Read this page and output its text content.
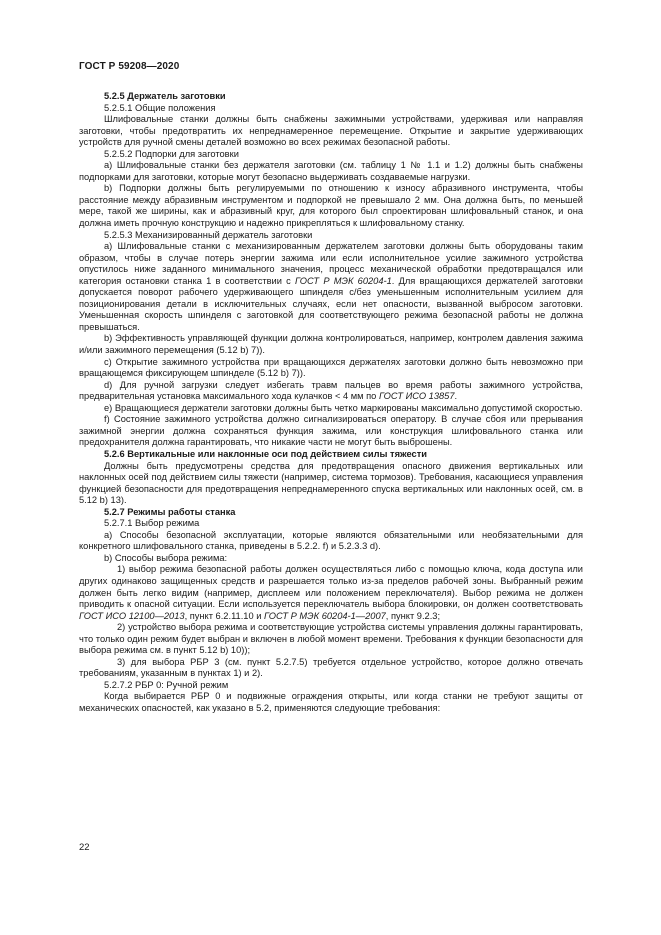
ГОСТ Р 59208—2020

5.2.5 Держатель заготовки

5.2.5.1 Общие положения

Шлифовальные станки должны быть снабжены зажимными устройствами, удерживая или направляя заготовки, чтобы предотвратить их непреднамеренное перемещение. Открытие и закрытие удерживающих устройств для ручной смены деталей возможно во всех режимах безопасной работы.

5.2.5.2 Подпорки для заготовки

a) Шлифовальные станки без держателя заготовки (см. таблицу 1 № 1.1 и 1.2) должны быть снабжены подпорками для заготовки, которые могут безопасно выдерживать создаваемые нагрузки.

b) Подпорки должны быть регулируемыми по отношению к износу абразивного инструмента, чтобы расстояние между абразивным инструментом и подпоркой не превышало 2 мм. Она должна быть, по меньшей мере, такой же ширины, как и абразивный круг, для которого был спроектирован шлифовальный станок, и она должна иметь прочную конструкцию и надежно прикрепляться к шлифовальному станку.

5.2.5.3 Механизированный держатель заготовки

a) Шлифовальные станки с механизированным держателем заготовки должны быть оборудованы таким образом, чтобы в случае потерь энергии зажима или если исполнительное усилие зажимного устройства опустилось ниже заданного минимального значения, процесс механической обработки предотвращался или категория остановки станка 1 в соответствии с ГОСТ Р МЭК 60204-1. Для вращающихся держателей заготовки допускается поворот рабочего удерживающего шпинделя с/без уменьшенным исполнительным усилием для позиционирования детали в исключительных случаях, если нет опасности, вызванной выбросом заготовки. Уменьшенная скорость шпинделя с заготовкой для соответствующего режима безопасной работы не должна превышаться.

b) Эффективность управляющей функции должна контролироваться, например, контролем давления зажима и/или зажимного перемещения (5.12 b) 7)).

c) Открытие зажимного устройства при вращающихся держателях заготовки должно быть невозможно при вращающемся фиксирующем шпинделе (5.12 b) 7)).

d) Для ручной загрузки следует избегать травм пальцев во время работы зажимного устройства, предварительная установка максимального хода кулачков < 4 мм по ГОСТ ИСО 13857.

e) Вращающиеся держатели заготовки должны быть четко маркированы максимально допустимой скоростью.

f) Состояние зажимного устройства должно сигнализироваться оператору. В случае сбоя или прерывания зажимной энергии должна сохраняться функция зажима, или конструкция шлифовального станка или предохранителя должна гарантировать, что никакие части не могут быть выброшены.

5.2.6 Вертикальные или наклонные оси под действием силы тяжести

Должны быть предусмотрены средства для предотвращения опасного движения вертикальных или наклонных осей под действием силы тяжести (например, система тормозов). Требования, касающиеся управления функцией безопасности для предотвращения непреднамеренного спуска вертикальных или наклонных осей, см. в 5.12 b) 13).

5.2.7 Режимы работы станка

5.2.7.1 Выбор режима

a) Способы безопасной эксплуатации, которые являются обязательными или необязательными для конкретного шлифовального станка, приведены в 5.2.2. f) и 5.2.3.3 d).

b) Способы выбора режима:

1) выбор режима безопасной работы должен осуществляться либо с помощью ключа, кода доступа или других одинаково защищенных средств и разрешается только из-за пределов рабочей зоны. Выбранный режим должен быть легко видим (например, дисплеем или положением переключателя). Выбор режима не должен приводить к опасной ситуации. Если используется переключатель выбора блокировки, он должен соответствовать ГОСТ ИСО 12100—2013, пункт 6.2.11.10 и ГОСТ Р МЭК 60204-1—2007, пункт 9.2.3;

2) устройство выбора режима и соответствующие устройства системы управления должны гарантировать, что только один режим будет выбран и включен в любой момент времени. Требования к функции безопасности для выбора режима см. в пункт 5.12 b) 10));

3) для выбора РБР 3 (см. пункт 5.2.7.5) требуется отдельное устройство, которое должно отвечать требованиям, указанным в пунктах 1) и 2).

5.2.7.2 РБР 0: Ручной режим

Когда выбирается РБР 0 и подвижные ограждения открыты, или когда станки не требуют защиты от механических опасностей, как указано в 5.2, применяются следующие требования:

22
